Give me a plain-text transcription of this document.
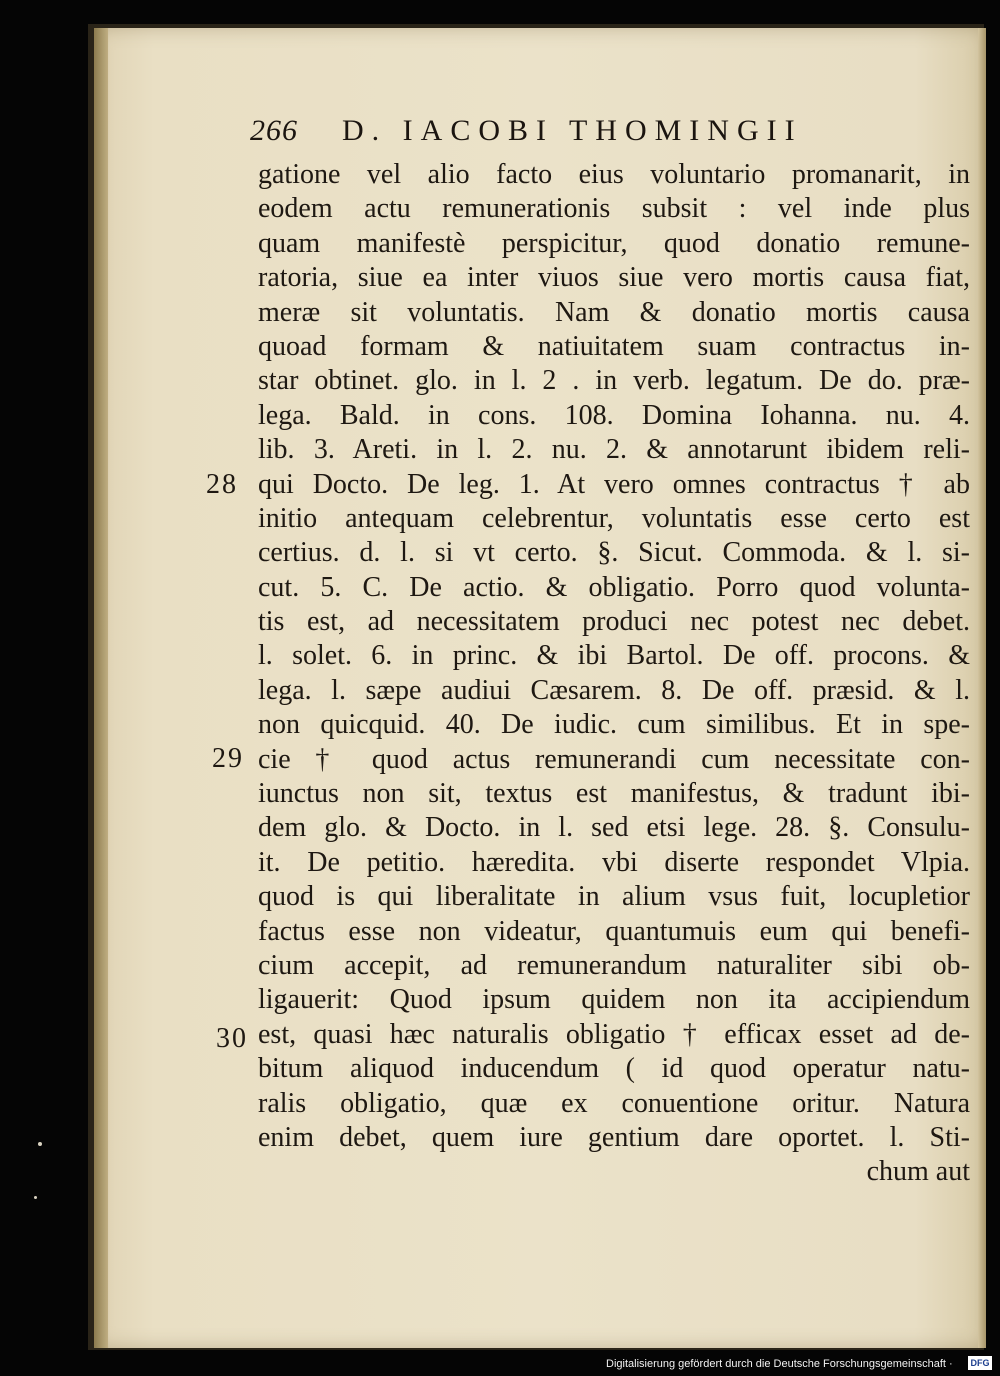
266 D. IACOBI THOMINGII
28
29
30
gatione vel alio facto eius voluntario promanarit, in
eodem actu remunerationis subsit : vel inde plus
quam manifestè perspicitur, quod donatio remune-
ratoria, siue ea inter viuos siue vero mortis causa fiat,
meræ sit voluntatis. Nam & donatio mortis causa
quoad formam & natiuitatem suam contractus in-
star obtinet. glo. in l. 2 . in verb. legatum. De do. præ-
lega. Bald. in cons. 108. Domina Iohanna. nu. 4.
lib. 3. Areti. in l. 2. nu. 2. & annotarunt ibidem reli-
qui Docto. De leg. 1. At vero omnes contractus † ab
initio antequam celebrentur, voluntatis esse certo est
certius. d. l. si vt certo. §. Sicut. Commoda. & l. si-
cut. 5. C. De actio. & obligatio. Porro quod volunta-
tis est, ad necessitatem produci nec potest nec debet.
l. solet. 6. in princ. & ibi Bartol. De off. procons. &
lega. l. sæpe audiui Cæsarem. 8. De off. præsid. & l.
non quicquid. 40. De iudic. cum similibus. Et in spe-
cie † quod actus remunerandi cum necessitate con-
iunctus non sit, textus est manifestus, & tradunt ibi-
dem glo. & Docto. in l. sed etsi lege. 28. §. Consulu-
it. De petitio. hæredita. vbi diserte respondet Vlpia.
quod is qui liberalitate in alium vsus fuit, locupletior
factus esse non videatur, quantumuis eum qui benefi-
cium accepit, ad remunerandum naturaliter sibi ob-
ligauerit: Quod ipsum quidem non ita accipiendum
est, quasi hæc naturalis obligatio † efficax esset ad de-
bitum aliquod inducendum ( id quod operatur natu-
ralis obligatio, quæ ex conuentione oritur. Natura
enim debet, quem iure gentium dare oportet. l. Sti-
chum aut
Digitalisierung gefördert durch die Deutsche Forschungsgemeinschaft · DFG
